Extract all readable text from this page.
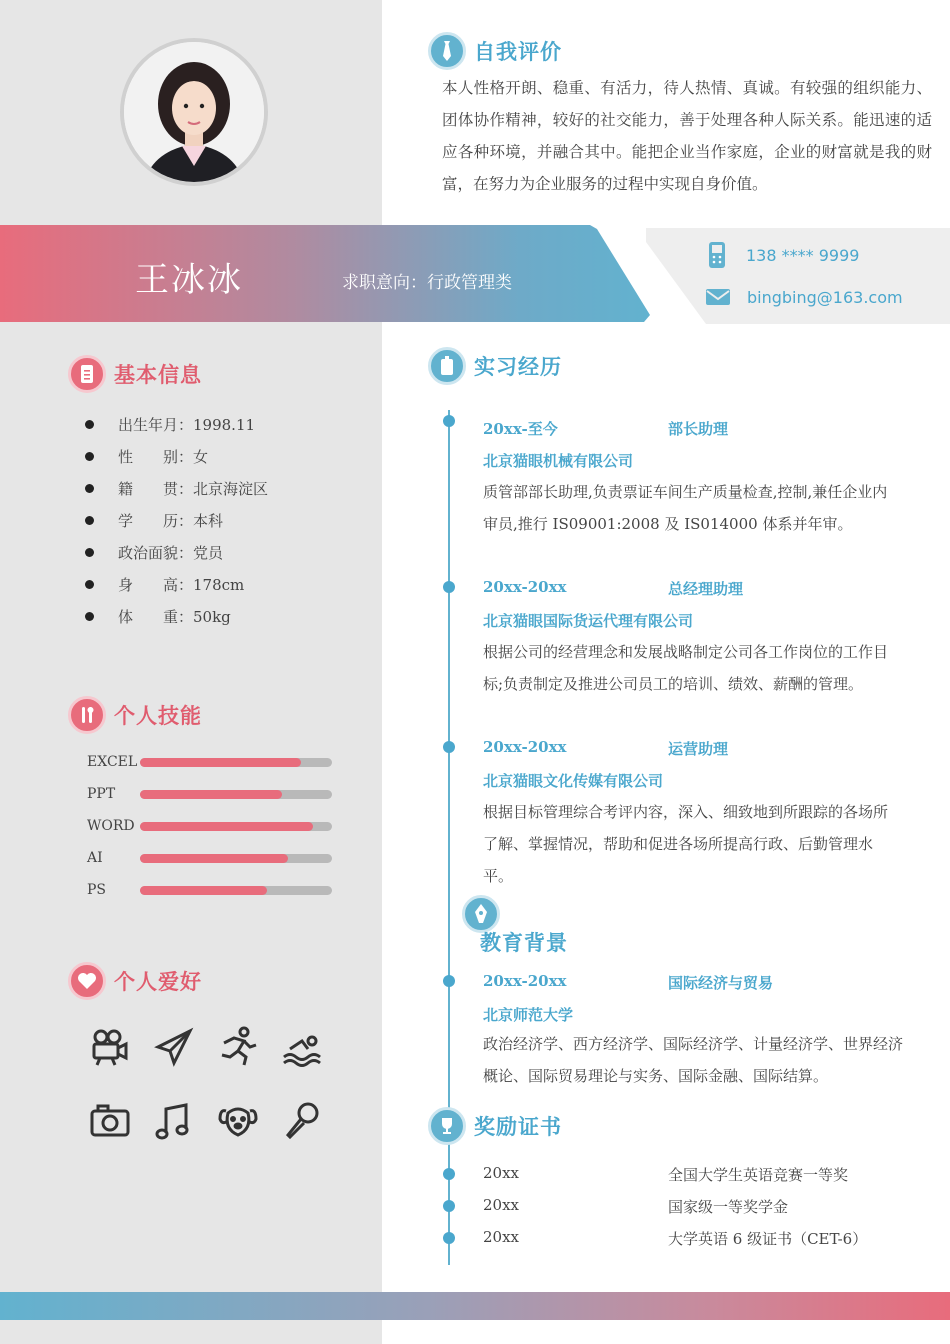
自我评价
本人性格开朗、稳重、有活力，待人热情、真诚。有较强的组织能力、团体协作精神，较好的社交能力，善于处理各种人际关系。能迅速的适应各种环境，并融合其中。能把企业当作家庭，企业的财富就是我的财富，在努力为企业服务的过程中实现自身价值。
王冰冰	求职意向：行政管理类
138 **** 9999
bingbing@163.com
基本信息
出生年月：1998.11
性　　别：女
籍　　贯：北京海淀区
学　　历：本科
政治面貌：党员
身　　高：178cm
体　　重：50kg
个人技能
EXCEL
PPT
WORD
AI
PS
个人爱好
实习经历
20xx-至今	部长助理
北京猫眼机械有限公司
质管部部长助理,负责票证车间生产质量检查,控制,兼任企业内审员,推行 IS09001:2008 及 IS014000 体系并年审。
20xx-20xx	总经理助理
北京猫眼国际货运代理有限公司
根据公司的经营理念和发展战略制定公司各工作岗位的工作目标;负责制定及推进公司员工的培训、绩效、薪酬的管理。
20xx-20xx	运营助理
北京猫眼文化传媒有限公司
根据目标管理综合考评内容，深入、细致地到所跟踪的各场所了解、掌握情况，帮助和促进各场所提高行政、后勤管理水平。
教育背景
20xx-20xx	国际经济与贸易
北京师范大学
政治经济学、西方经济学、国际经济学、计量经济学、世界经济概论、国际贸易理论与实务、国际金融、国际结算。
奖励证书
20xx	全国大学生英语竞赛一等奖
20xx	国家级一等奖学金
20xx	大学英语 6 级证书（CET-6）
